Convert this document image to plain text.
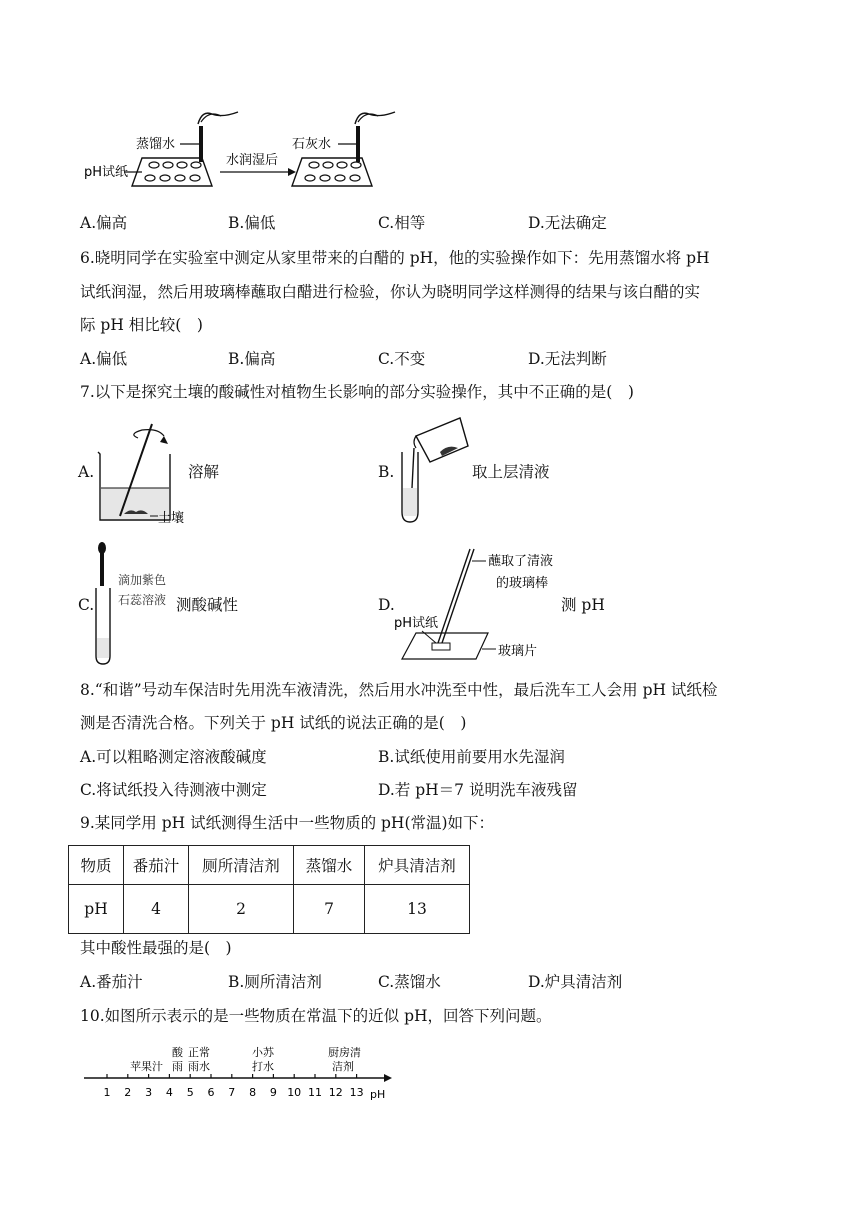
蒸馏水
pH试纸
水润湿后
石灰水
A.偏高	B.偏低	C.相等	D.无法确定
6.晓明同学在实验室中测定从家里带来的白醋的 pH，他的实验操作如下：先用蒸馏水将 pH
试纸润湿，然后用玻璃棒蘸取白醋进行检验，你认为晓明同学这样测得的结果与该白醋的实
际 pH 相比较(　)
A.偏低	B.偏高	C.不变	D.无法判断
7.以下是探究土壤的酸碱性对植物生长影响的部分实验操作，其中不正确的是(　)
A.
土壤
溶解	B.	取上层清液
C.
滴加紫色
石蕊溶液 测酸碱性	D.
蘸取了清液
的玻璃棒
pH试纸
玻璃片
测 pH
8.“和谐”号动车保洁时先用洗车液清洗，然后用水冲洗至中性，最后洗车工人会用 pH 试纸检
测是否清洗合格。下列关于 pH 试纸的说法正确的是(　)
A.可以粗略测定溶液酸碱度	B.试纸使用前要用水先湿润
C.将试纸投入待测液中测定	D.若 pH＝7 说明洗车液残留
9.某同学用 pH 试纸测得生活中一些物质的 pH(常温)如下：
物质	番茄汁	厕所清洁剂	蒸馏水	炉具清洁剂
pH	4	2	7	13
其中酸性最强的是(　)
A.番茄汁	B.厕所清洁剂	C.蒸馏水	D.炉具清洁剂
10.如图所示表示的是一些物质在常温下的近似 pH，回答下列问题。
苹果汁
酸
雨
正常
雨水
小苏
打水
厨房清
洁剂
1 2 3 4 5 6 7 8 9 10 11 12 13 pH
